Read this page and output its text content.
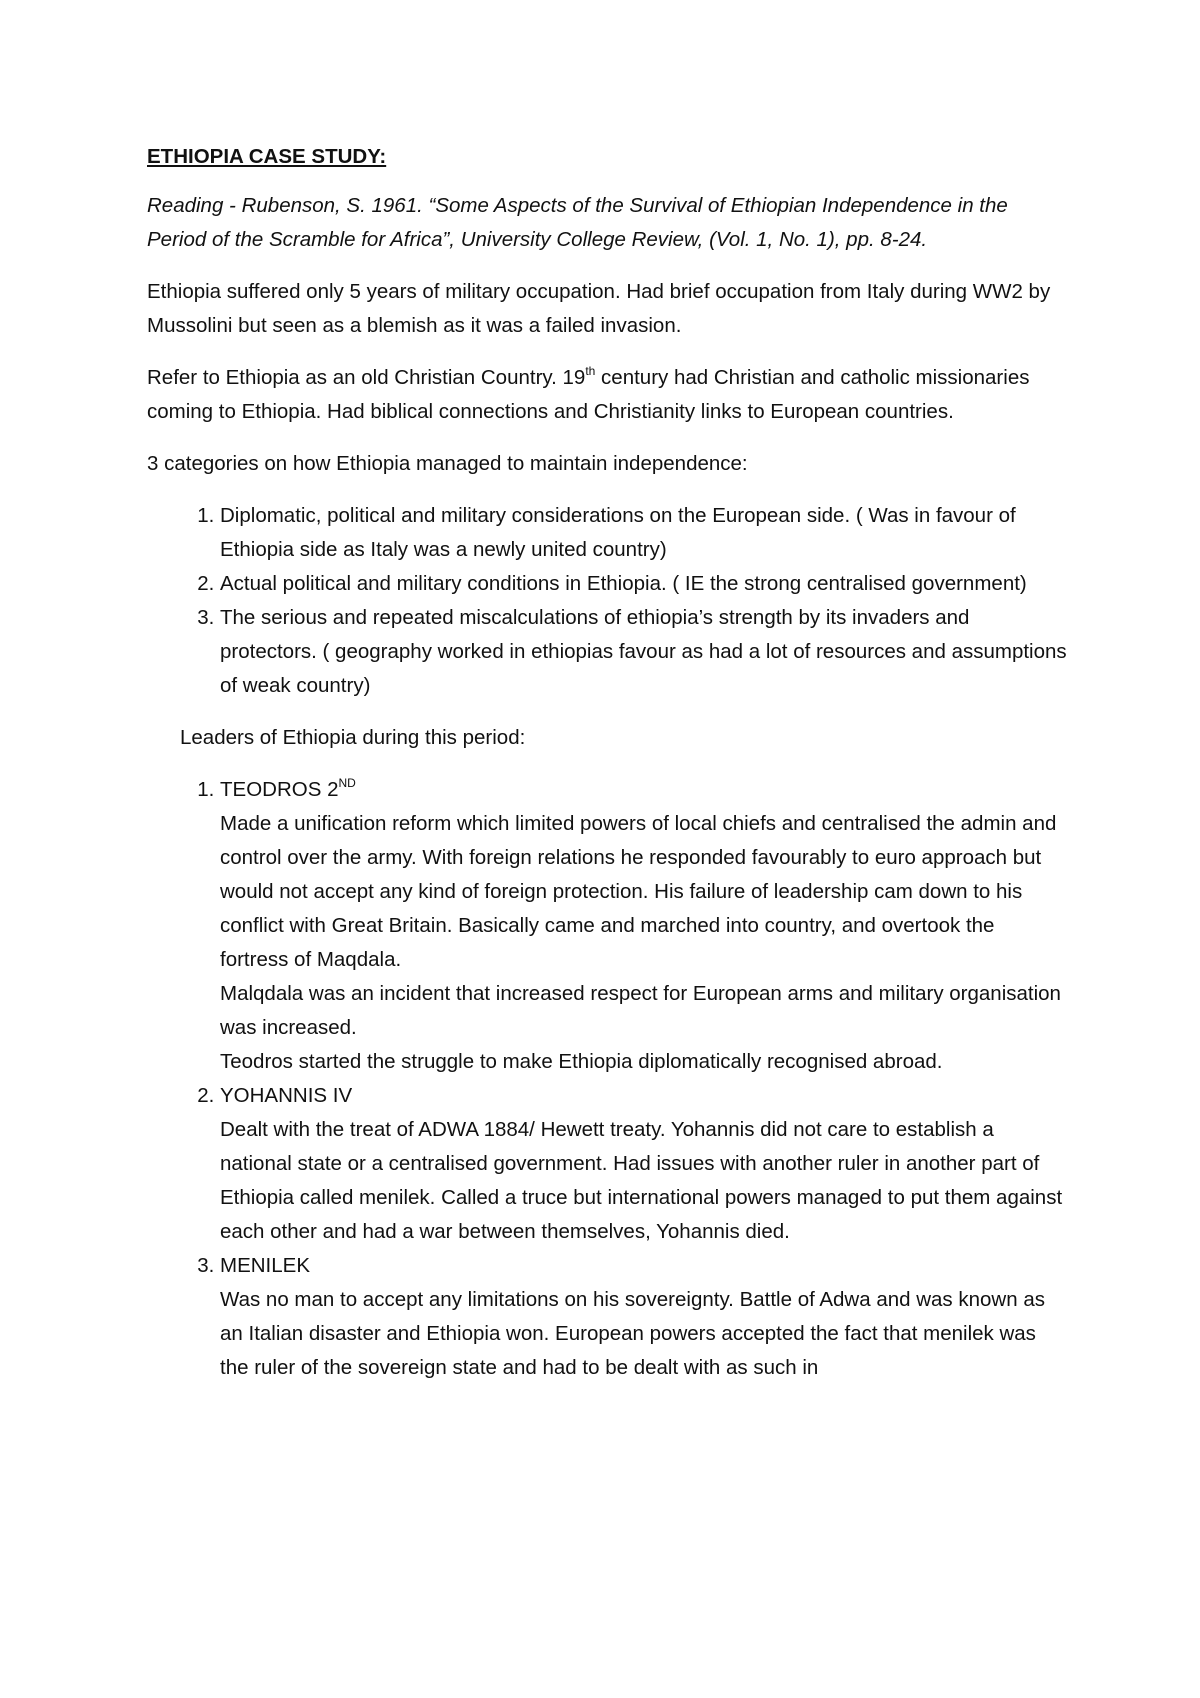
ETHIOPIA CASE STUDY:

Reading - Rubenson, S. 1961. “Some Aspects of the Survival of Ethiopian Independence in the Period of the Scramble for Africa”, University College Review, (Vol. 1, No. 1), pp. 8-24.

Ethiopia suffered only 5 years of military occupation. Had brief occupation from Italy during WW2 by Mussolini but seen as a blemish as it was a failed invasion.

Refer to Ethiopia as an old Christian Country. 19th century had Christian and catholic missionaries coming to Ethiopia. Had biblical connections and Christianity links to European countries.

3 categories on how Ethiopia managed to maintain independence:

1. Diplomatic, political and military considerations on the European side. ( Was in favour of Ethiopia side as Italy was a newly united country)
2. Actual political and military conditions in Ethiopia. ( IE the strong centralised government)
3. The serious and repeated miscalculations of ethiopia’s strength by its invaders and protectors. ( geography worked in ethiopias favour as had a lot of resources and assumptions of weak country)

Leaders of Ethiopia during this period:

1. TEODROS 2ND
Made a unification reform which limited powers of local chiefs and centralised the admin and control over the army. With foreign relations he responded favourably to euro approach but would not accept any kind of foreign protection. His failure of leadership cam down to his conflict with Great Britain. Basically came and marched into country, and overtook the fortress of Maqdala.
Malqdala was an incident that increased respect for European arms and military organisation was increased.
Teodros started the struggle to make Ethiopia diplomatically recognised abroad.
2. YOHANNIS IV
Dealt with the treat of ADWA 1884/ Hewett treaty. Yohannis did not care to establish a national state or a centralised government. Had issues with another ruler in another part of Ethiopia called menilek. Called a truce but international powers managed to put them against each other and had a war between themselves, Yohannis died.
3. MENILEK
Was no man to accept any limitations on his sovereignty. Battle of Adwa and was known as an Italian disaster and Ethiopia won. European powers accepted the fact that menilek was the ruler of the sovereign state and had to be dealt with as such in
